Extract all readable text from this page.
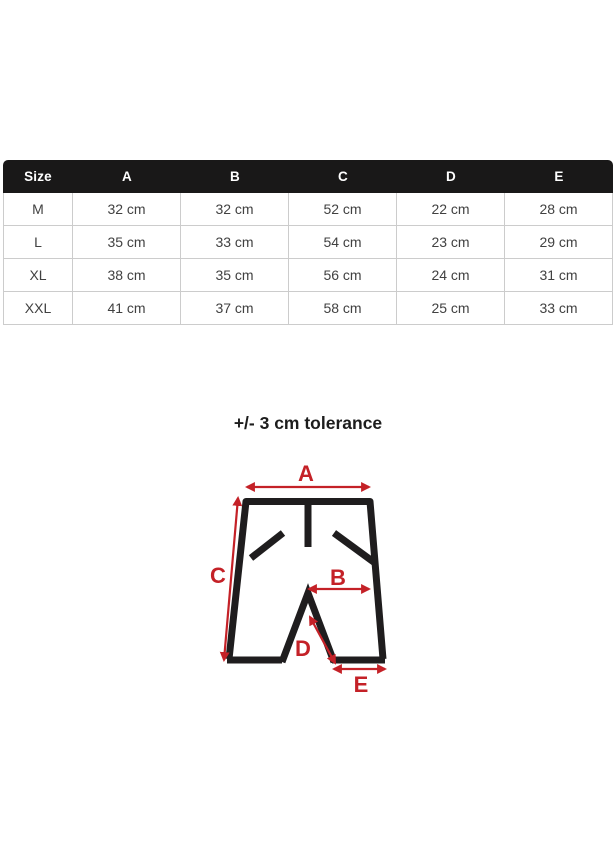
Size	A	B	C	D	E
M	32 cm	32 cm	52 cm	22 cm	28 cm
L	35 cm	33 cm	54 cm	23 cm	29 cm
XL	38 cm	35 cm	56 cm	24 cm	31 cm
XXL	41 cm	37 cm	58 cm	25 cm	33 cm
+/- 3 cm tolerance
A
C	B
D
E
